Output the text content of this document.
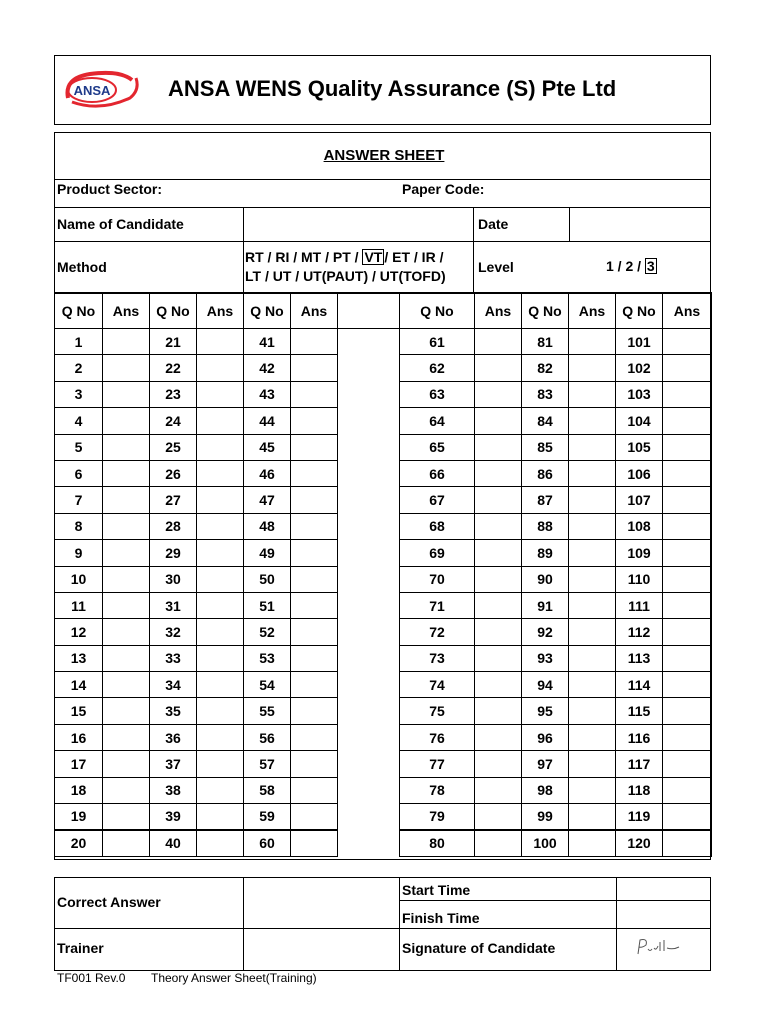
ANSA	ANSA WENS Quality Assurance (S) Pte Ltd
ANSWER SHEET
Product Sector:	Paper Code:
Name of Candidate	Date
Method
RT / RI / MT / PT / VT / ET / IR /
LT / UT / UT(PAUT) / UT(TOFD)
Level	1 / 2 / 3
Q No	Ans	Q No	Ans	Q No	Ans		Q No	Ans	Q No	Ans	Q No	Ans
1		21		41			61		81		101	
2		22		42			62		82		102	
3		23		43			63		83		103	
4		24		44			64		84		104	
5		25		45			65		85		105	
6		26		46			66		86		106	
7		27		47			67		87		107	
8		28		48			68		88		108	
9		29		49			69		89		109	
10		30		50			70		90		110	
11		31		51			71		91		111	
12		32		52			72		92		112	
13		33		53			73		93		113	
14		34		54			74		94		114	
15		35		55			75		95		115	
16		36		56			76		96		116	
17		37		57			77		97		117	
18		38		58			78		98		118	
19		39		59			79		99		119	
20		40		60			80		100		120	
Correct Answer
Start Time
Finish Time
Trainer	Signature of Candidate
TF001 Rev.0 Theory Answer Sheet(Training)
